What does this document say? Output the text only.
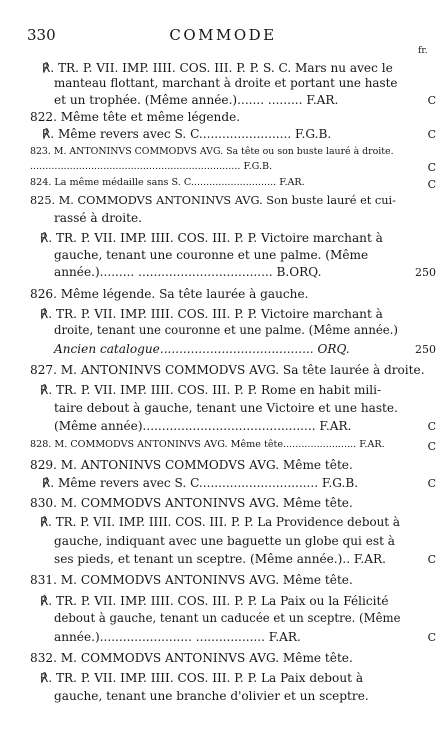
330	COMMODE
fr.
℟. TR. P. VII. IMP. IIII. COS. III. P. P. S. C. Mars nu avec le
manteau flottant, marchant à droite et portant une haste
et un trophée. (Même année.)....... ......... F.AR.	C
822. Même tête et même légende.
℟. Même revers avec S. C........................ F.G.B.	C
823. M. ANTONINVS COMMODVS AVG. Sa tête ou son buste lauré à droite.
..................................................................... F.G.B.	C
824. La même médaille sans S. C............................ F.AR.	C
825. M. COMMODVS ANTONINVS AVG. Son buste lauré et cui-
rassé à droite.
℟. TR. P. VII. IMP. IIII. COS. III. P. P. Victoire marchant à
gauche, tenant une couronne et une palme. (Même
année.)......... ................................... B.ORQ.	250
826. Même légende. Sa tête laurée à gauche.
℟. TR. P. VII. IMP. IIII. COS. III. P. P. Victoire marchant à
droite, tenant une couronne et une palme. (Même année.)
Ancien catalogue........................................ ORQ.	250
827. M. ANTONINVS COMMODVS AVG. Sa tête laurée à droite.
℟. TR. P. VII. IMP. IIII. COS. III. P. P. Rome en habit mili-
taire debout à gauche, tenant une Victoire et une haste.
(Même année)............................................. F.AR.	C
828. M. COMMODVS ANTONINVS AVG. Même tête........................ F.AR.	C
829. M. ANTONINVS COMMODVS AVG. Même tête.
℟. Même revers avec S. C............................... F.G.B.	C
830. M. COMMODVS ANTONINVS AVG. Même tête.
℟. TR. P. VII. IMP. IIII. COS. III. P. P. La Providence debout à
gauche, indiquant avec une baguette un globe qui est à
ses pieds, et tenant un sceptre. (Même année.).. F.AR.	C
831. M. COMMODVS ANTONINVS AVG. Même tête.
℟. TR. P. VII. IMP. IIII. COS. III. P. P. La Paix ou la Félicité
debout à gauche, tenant un caducée et un sceptre. (Même
année.)........................ .................. F.AR.	C
832. M. COMMODVS ANTONINVS AVG. Même tête.
℟. TR. P. VII. IMP. IIII. COS. III. P. P. La Paix debout à
gauche, tenant une branche d'olivier et un sceptre.
